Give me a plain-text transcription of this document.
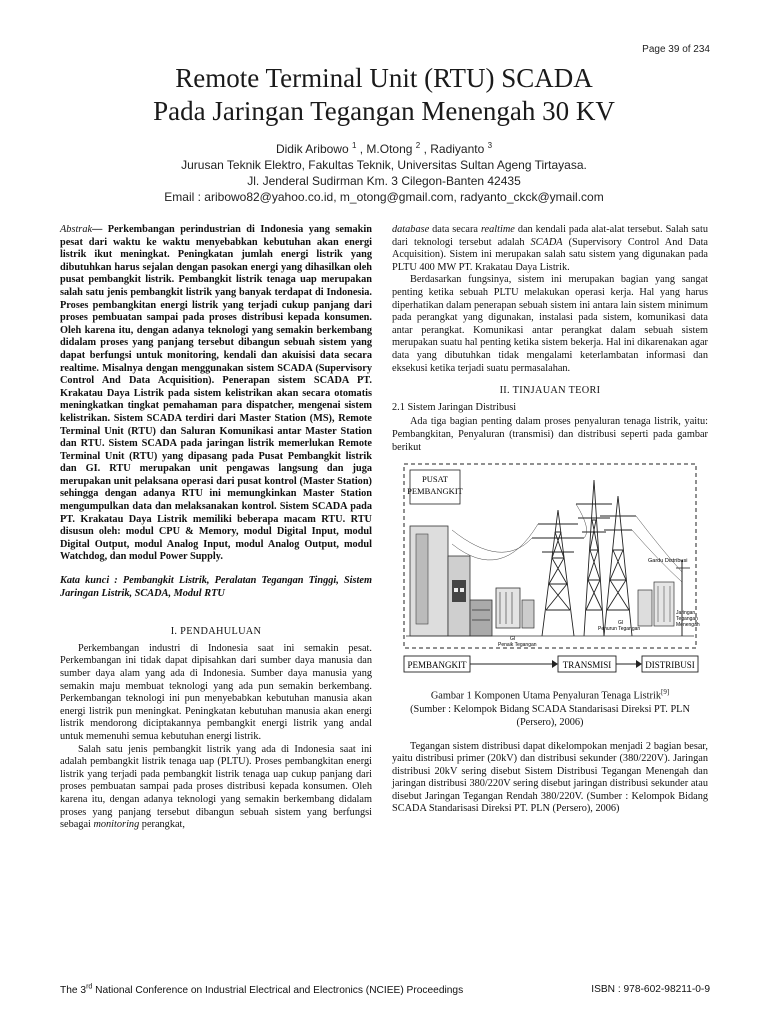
Page 39 of 234
Remote Terminal Unit (RTU) SCADA
Pada Jaringan Tegangan Menengah 30 KV
Didik Aribowo $^1$ , M.Otong $^2$ , Radiyanto $^3$
Jurusan Teknik Elektro, Fakultas Teknik, Universitas Sultan Ageng Tirtayasa.
Jl. Jenderal Sudirman Km. 3 Cilegon-Banten 42435
Email : aribowo82@yahoo.co.id, m_otong@gmail.com, radyanto_ckck@ymail.com
Abstrak— Perkembangan perindustrian di Indonesia yang semakin pesat dari waktu ke waktu menyebabkan kebutuhan akan energi listrik ikut meningkat. Peningkatan jumlah energi listrik yang dibutuhkan harus sejalan dengan pasokan energi yang dihasilkan oleh pusat pembangkit listrik. Pembangkit listrik tenaga uap merupakan salah satu jenis pembangkit listrik yang banyak terdapat di Indonesia. Proses pembangkitan energi listrik yang terjadi cukup panjang dari proses pembuatan sampai pada proses distribusi kepada konsumen. Oleh karena itu, dengan adanya teknologi yang semakin berkembang didalam proses yang panjang tersebut dibangun sebuah sistem yang dapat berfungsi untuk monitoring, kendali dan akuisisi data secara realtime. Misalnya dengan menggunakan sistem SCADA (Supervisory Control And Data Acquisition). Penerapan sistem SCADA PT. Krakatau Daya Listrik pada sistem kelistrikan akan secara otomatis meningkatkan tingkat pemahaman para dispatcher, mengenai sistem kelistrikan. Sistem SCADA terdiri dari Master Station (MS), Remote Terminal Unit (RTU) dan Saluran Komunikasi antar Master Station dan RTU. Sistem SCADA pada jaringan listrik memerlukan Remote Terminal Unit (RTU) yang dipasang pada Pusat Pembangkit listrik dan GI. RTU merupakan unit pengawas langsung dan juga merupakan unit pelaksana operasi dari pusat kontrol (Master Station) sehingga dengan adanya RTU ini memungkinkan Master Station mengumpulkan data dan melaksanakan kontrol. Sistem SCADA pada PT. Krakatau Daya Listrik memiliki beberapa macam RTU. RTU disusun oleh: modul CPU & Memory, modul Digital Input, modul Digital Output, modul Analog Input, modul Analog Output, modul Watchdog, dan modul Power Supply.
Kata kunci : Pembangkit Listrik, Peralatan Tegangan Tinggi, Sistem Jaringan Listrik, SCADA, Modul RTU
I. PENDAHULUAN

Perkembangan industri di Indonesia saat ini semakin pesat. Perkembangan ini tidak dapat dipisahkan dari sumber daya manusia dan sumber daya alam yang ada di Indonesia. Sumber daya manusia yang semakin maju membuat teknologi yang ada pun semakin berkembang. Perkembangan teknologi ini pun menyebabkan kebutuhan manusia akan energi listrik pun meningkat. Peningkatan kebutuhan manusia akan energi listrik mendorong diciptakannya pembangkit energi listrik yang andal untuk memenuhi semua kebutuhan energi listrik.

Salah satu jenis pembangkit listrik yang ada di Indonesia saat ini adalah pembangkit listrik tenaga uap (PLTU). Proses pembangkitan energi listrik yang terjadi pada pembangkit listrik tenaga uap cukup panjang dari proses pembuatan sampai pada proses distribusi kepada konsumen. Oleh karena itu, dengan adanya teknologi yang semakin berkembang didalam proses yang panjang tersebut dibangun sebuah sistem yang berfungsi sebagai monitoring perangkat,

database data secara realtime dan kendali pada alat-alat tersebut. Salah satu dari teknologi tersebut adalah SCADA (Supervisory Control And Data Acquisition). Sistem ini merupakan salah satu sistem yang digunakan pada PLTU 400 MW PT. Krakatau Daya Listrik.

Berdasarkan fungsinya, sistem ini merupakan bagian yang sangat penting ketika sebuah PLTU melakukan operasi kerja. Hal yang harus diperhatikan dalam penerapan sebuah sistem ini antara lain sistem minimum pada perangkat yang digunakan, instalasi pada sistem, komunikasi data antar perangkat. Komunikasi antar perangkat dalam sebuah sistem merupakan suatu hal penting ketika sistem bekerja. Hal ini dikarenakan agar data yang dibutuhkan tidak mengalami keterlambatan informasi dan eksekusi ketika terjadi suatu permasalahan.

II. TINJAUAN TEORI
2.1 Sistem Jaringan Distribusi

Ada tiga bagian penting dalam proses penyaluran tenaga listrik, yaitu: Pembangkitan, Penyaluran (transmisi) dan distribusi seperti pada gambar berikut

PUSAT
PEMBANGKIT
Gardu Distribusi
GI
Penurun Tegangan
GI
Penaik Tegangan
Jaringan
Tegangan
Menengah
PEMBANGKIT	TRANSMISI	DISTRIBUSI
Gambar 1 Komponen Utama Penyaluran Tenaga Listrik[9]
(Sumber : Kelompok Bidang SCADA Standarisasi Direksi PT. PLN (Persero), 2006)

Tegangan sistem distribusi dapat dikelompokan menjadi 2 bagian besar, yaitu distribusi primer (20kV) dan distribusi sekunder (380/220V). Jaringan distribusi 20kV sering disebut Sistem Distribusi Tegangan Menengah dan jaringan distribusi 380/220V sering disebut jaringan distribusi sekunder atau disebut Jaringan Tegangan Rendah 380/220V. (Sumber : Kelompok Bidang SCADA Standarisasi Direksi PT. PLN (Persero), 2006)

The 3rd National Conference on Industrial Electrical and Electronics (NCIEE) Proceedings	ISBN : 978-602-98211-0-9
